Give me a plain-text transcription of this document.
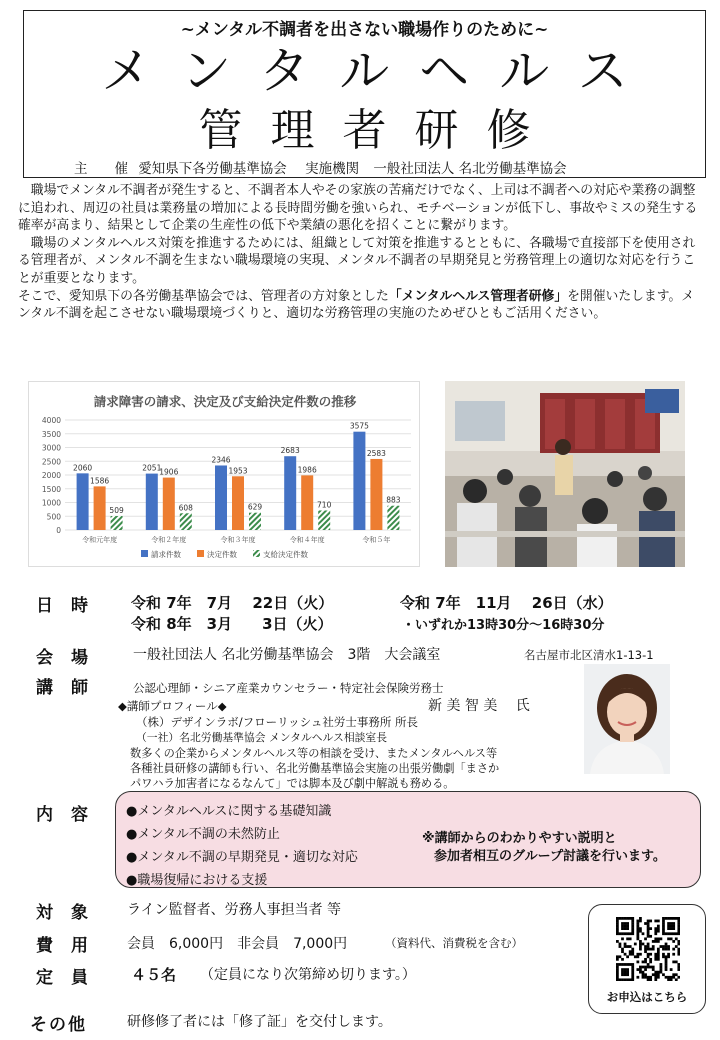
~メンタル不調者を出さない職場作りのために~
メンタルヘルス
管理者研修
主　　催 愛知県下各労働基準協会 実施機関 一般社団法人 名北労働基準協会

　職場でメンタル不調者が発生すると、不調者本人やその家族の苦痛だけでなく、上司は不調者への対応や業務の調整に追われ、周辺の社員は業務量の増加による長時間労働を強いられ、モチベーションが低下し、事故やミスの発生する確率が高まり、結果として企業の生産性の低下や業績の悪化を招くことに繋がります。

　職場のメンタルヘルス対策を推進するためには、組織として対策を推進するとともに、各職場で直接部下を使用される管理者が、メンタル不調を生まない職場環境の実現、メンタル不調者の早期発見と労務管理上の適切な対応を行うことが重要となります。

そこで、愛知県下の各労働基準協会では、管理者の方対象とした「メンタルヘルス管理者研修」を開催いたします。メンタル不調を起こさせない職場環境づくりと、適切な労務管理の実施のためぜひともご活用ください。

請求障害の請求、決定及び支給決定件数の推移
0
500
1000
1500
2000
2500
3000
3500
4000
2060
1586
509
令和元年度
2051
1906
608
令和２年度
2346
1953
629
令和３年度
2683
1986
710
令和４年度
3575
2583
883
令和５年
請求件数	決定件数	支給決定件数
日時 令和 7年　7月　 22日（火）	令和 7年　11月　 26日（水）
令和 8年　3月　　3日（火）	・いずれか13時30分～16時30分
会場 一般社団法人 名北労働基準協会　3階　大会議室	名古屋市北区清水1-13-1
講師 公認心理師・シニア産業カウンセラー・特定社会保険労務士
◆講師プロフィール◆	新 美 智 美　 氏
（株）デザインラボ/フローリッシュ社労士事務所 所長
（一社）名北労働基準協会 メンタルヘルス相談室長
数多くの企業からメンタルヘルス等の相談を受け、またメンタルヘルス等
各種社員研修の講師も行い、名北労働基準協会実施の出張労働劇「まさか
パワハラ加害者になるなんて」では脚本及び劇中解説も務める。
内容 ●メンタルヘルスに関する基礎知識
●メンタル不調の未然防止
●メンタル不調の早期発見・適切な対応
●職場復帰における支援
※講師からのわかりやすい説明と
参加者相互のグループ討議を行います。
対象 ライン監督者、労務人事担当者 等
費用 会員　6,000円　非会員　7,000円	（資料代、消費税を含む）
定員 ４５名 （定員になり次第締め切ります。）
その他	研修修了者には「修了証」を交付します。
お申込はこちら
